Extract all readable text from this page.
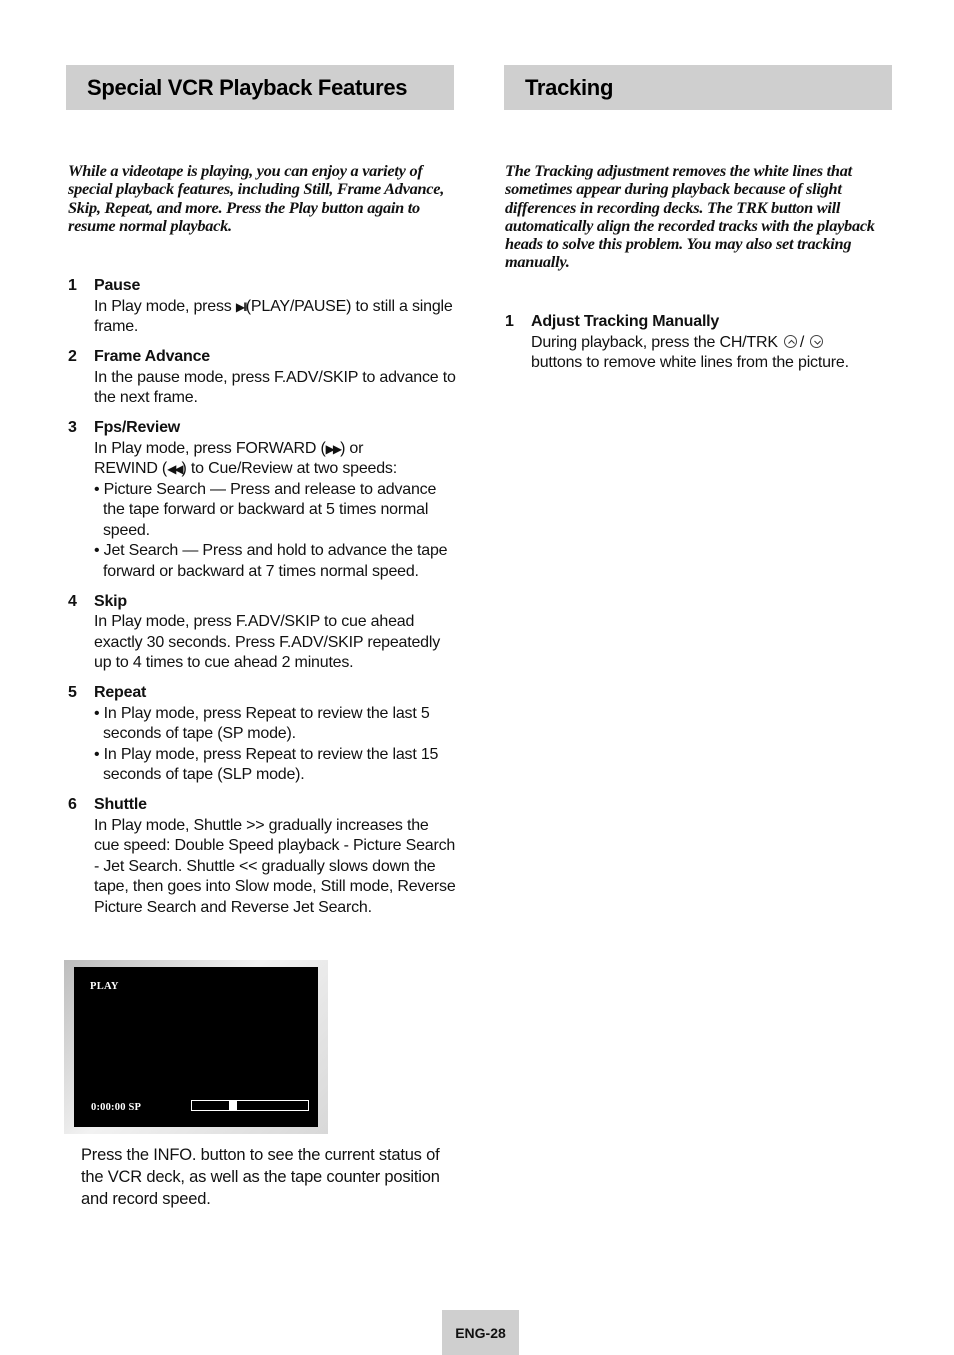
Special VCR Playback Features

While a videotape is playing, you can enjoy a variety of special playback features, including Still, Frame Advance, Skip, Repeat, and more. Press the Play button again to resume normal playback.

1 Pause
In Play mode, press ▶II(PLAY/PAUSE) to still a single frame.
2 Frame Advance
In the pause mode, press F.ADV/SKIP to advance to the next frame.
3 Fps/Review
In Play mode, press FORWARD (▶▶) or
REWIND (◀◀) to Cue/Review at two speeds:
• Picture Search — Press and release to advance the tape forward or backward at 5 times normal speed.
• Jet Search — Press and hold to advance the tape forward or backward at 7 times normal speed.
4 Skip
In Play mode, press F.ADV/SKIP to cue ahead exactly 30 seconds. Press F.ADV/SKIP repeatedly up to 4 times to cue ahead 2 minutes.
5 Repeat
• In Play mode, press Repeat to review the last 5 seconds of tape (SP mode).
• In Play mode, press Repeat to review the last 15 seconds of tape (SLP mode).
6 Shuttle
In Play mode, Shuttle >> gradually increases the cue speed: Double Speed playback - Picture Search - Jet Search. Shuttle << gradually slows down the tape, then goes into Slow mode, Still mode, Reverse Picture Search and Reverse Jet Search.
PLAY
0:00:00 SP

Press the INFO. button to see the current status of the VCR deck, as well as the tape counter position and record speed.

Tracking

The Tracking adjustment removes the white lines that sometimes appear during playback because of slight differences in recording decks. The TRK button will automatically align the recorded tracks with the playback heads to solve this problem. You may also set tracking manually.

1 Adjust Tracking Manually
During playback, press the CH/TRK /

buttons to remove white lines from the picture.
ENG-28
